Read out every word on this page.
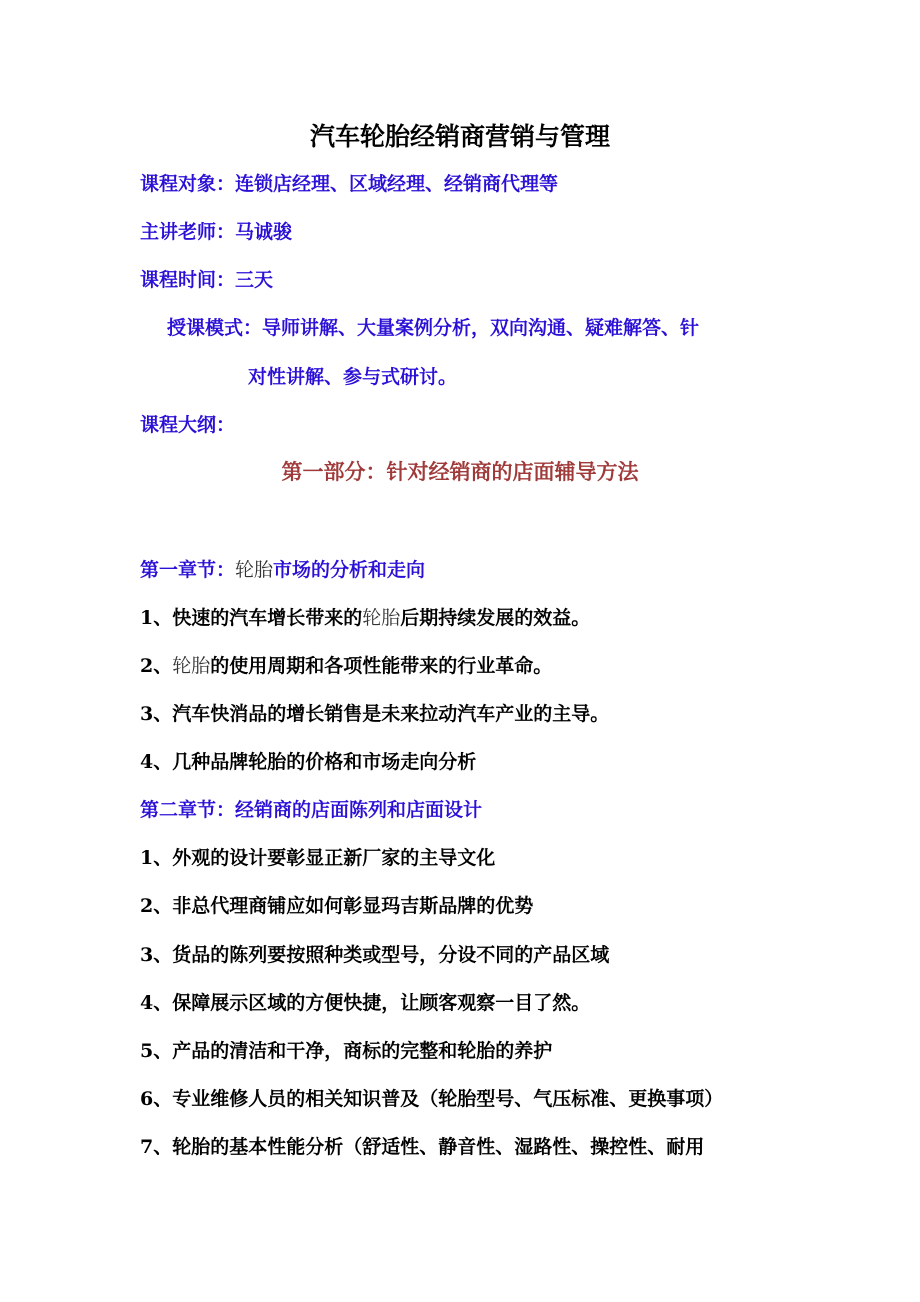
汽车轮胎经销商营销与管理
课程对象：连锁店经理、区域经理、经销商代理等
主讲老师：马诚骏
课程时间：三天
授课模式：导师讲解、大量案例分析，双向沟通、疑难解答、针
对性讲解、参与式研讨。
课程大纲：
第一部分：针对经销商的店面辅导方法
第一章节：轮胎市场的分析和走向
1、快速的汽车增长带来的轮胎后期持续发展的效益。
2、轮胎的使用周期和各项性能带来的行业革命。
3、汽车快消品的增长销售是未来拉动汽车产业的主导。
4、几种品牌轮胎的价格和市场走向分析
第二章节：经销商的店面陈列和店面设计
1、外观的设计要彰显正新厂家的主导文化
2、非总代理商铺应如何彰显玛吉斯品牌的优势
3、货品的陈列要按照种类或型号，分设不同的产品区域
4、保障展示区域的方便快捷，让顾客观察一目了然。
5、产品的清洁和干净，商标的完整和轮胎的养护
6、专业维修人员的相关知识普及（轮胎型号、气压标准、更换事项）
7、轮胎的基本性能分析（舒适性、静音性、湿路性、操控性、耐用
